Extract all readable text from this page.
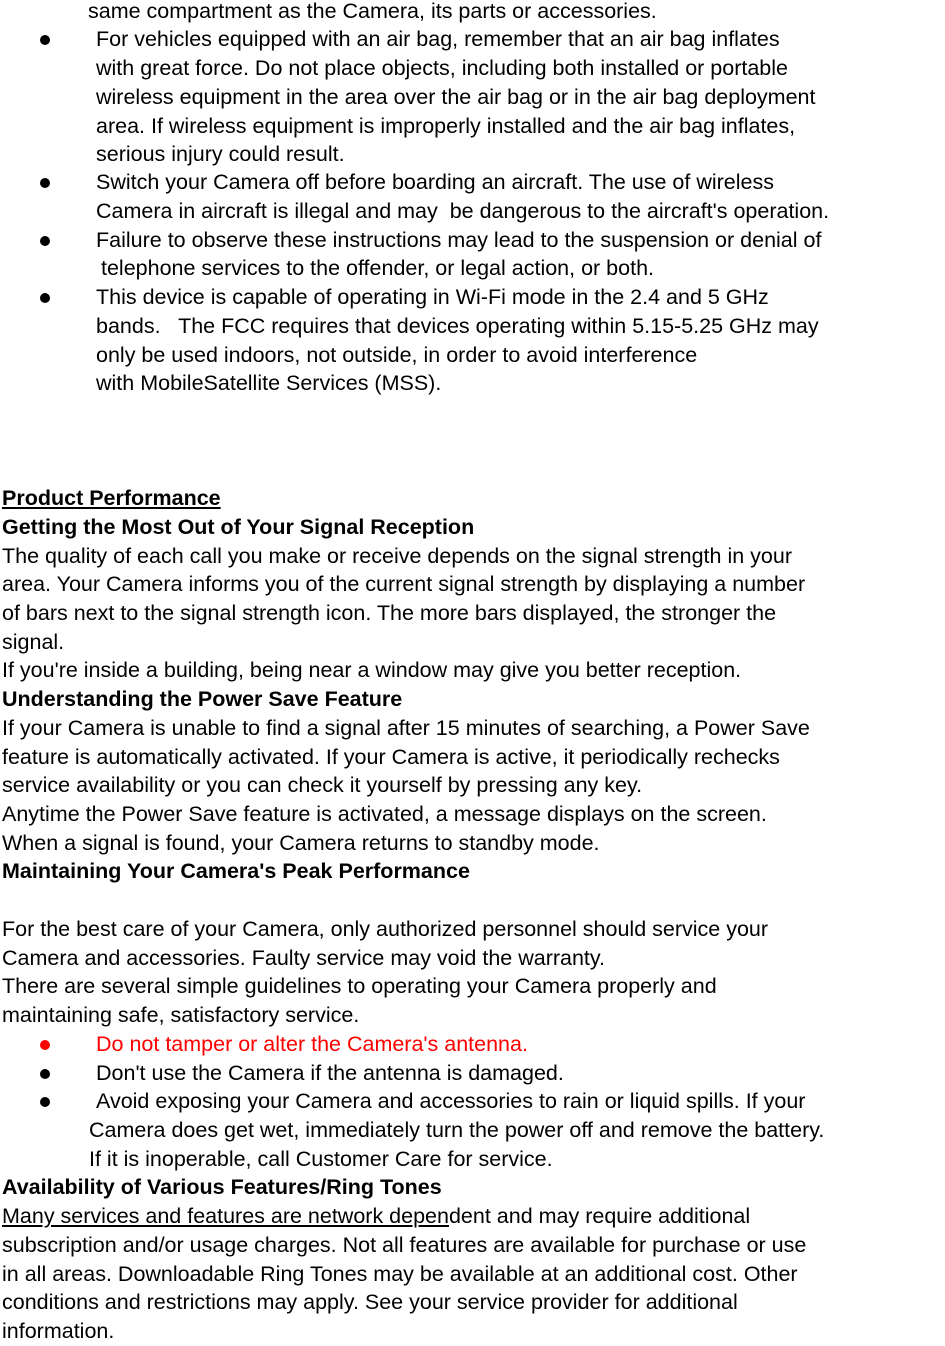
same compartment as the Camera, its parts or accessories.
For vehicles equipped with an air bag, remember that an air bag inflates
with great force. Do not place objects, including both installed or portable
wireless equipment in the area over the air bag or in the air bag deployment
area. If wireless equipment is improperly installed and the air bag inflates,
serious injury could result.
Switch your Camera off before boarding an aircraft. The use of wireless
Camera in aircraft is illegal and may  be dangerous to the aircraft's operation.
Failure to observe these instructions may lead to the suspension or denial of
telephone services to the offender, or legal action, or both.
This device is capable of operating in Wi-Fi mode in the 2.4 and 5 GHz
bands.   The FCC requires that devices operating within 5.15-5.25 GHz may
only be used indoors, not outside, in order to avoid interference
with MobileSatellite Services (MSS).
Product Performance
Getting the Most Out of Your Signal Reception
The quality of each call you make or receive depends on the signal strength in your
area. Your Camera informs you of the current signal strength by displaying a number
of bars next to the signal strength icon. The more bars displayed, the stronger the
signal.
If you're inside a building, being near a window may give you better reception.
Understanding the Power Save Feature
If your Camera is unable to find a signal after 15 minutes of searching, a Power Save
feature is automatically activated. If your Camera is active, it periodically rechecks
service availability or you can check it yourself by pressing any key.
Anytime the Power Save feature is activated, a message displays on the screen.
When a signal is found, your Camera returns to standby mode.
Maintaining Your Camera's Peak Performance
For the best care of your Camera, only authorized personnel should service your
Camera and accessories. Faulty service may void the warranty.
There are several simple guidelines to operating your Camera properly and
maintaining safe, satisfactory service.
Do not tamper or alter the Camera's antenna.
Don't use the Camera if the antenna is damaged.
Avoid exposing your Camera and accessories to rain or liquid spills. If your
Camera does get wet, immediately turn the power off and remove the battery.
If it is inoperable, call Customer Care for service.
Availability of Various Features/Ring Tones
Many services and features are network dependent and may require additional
subscription and/or usage charges. Not all features are available for purchase or use
in all areas. Downloadable Ring Tones may be available at an additional cost. Other
conditions and restrictions may apply. See your service provider for additional
information.
